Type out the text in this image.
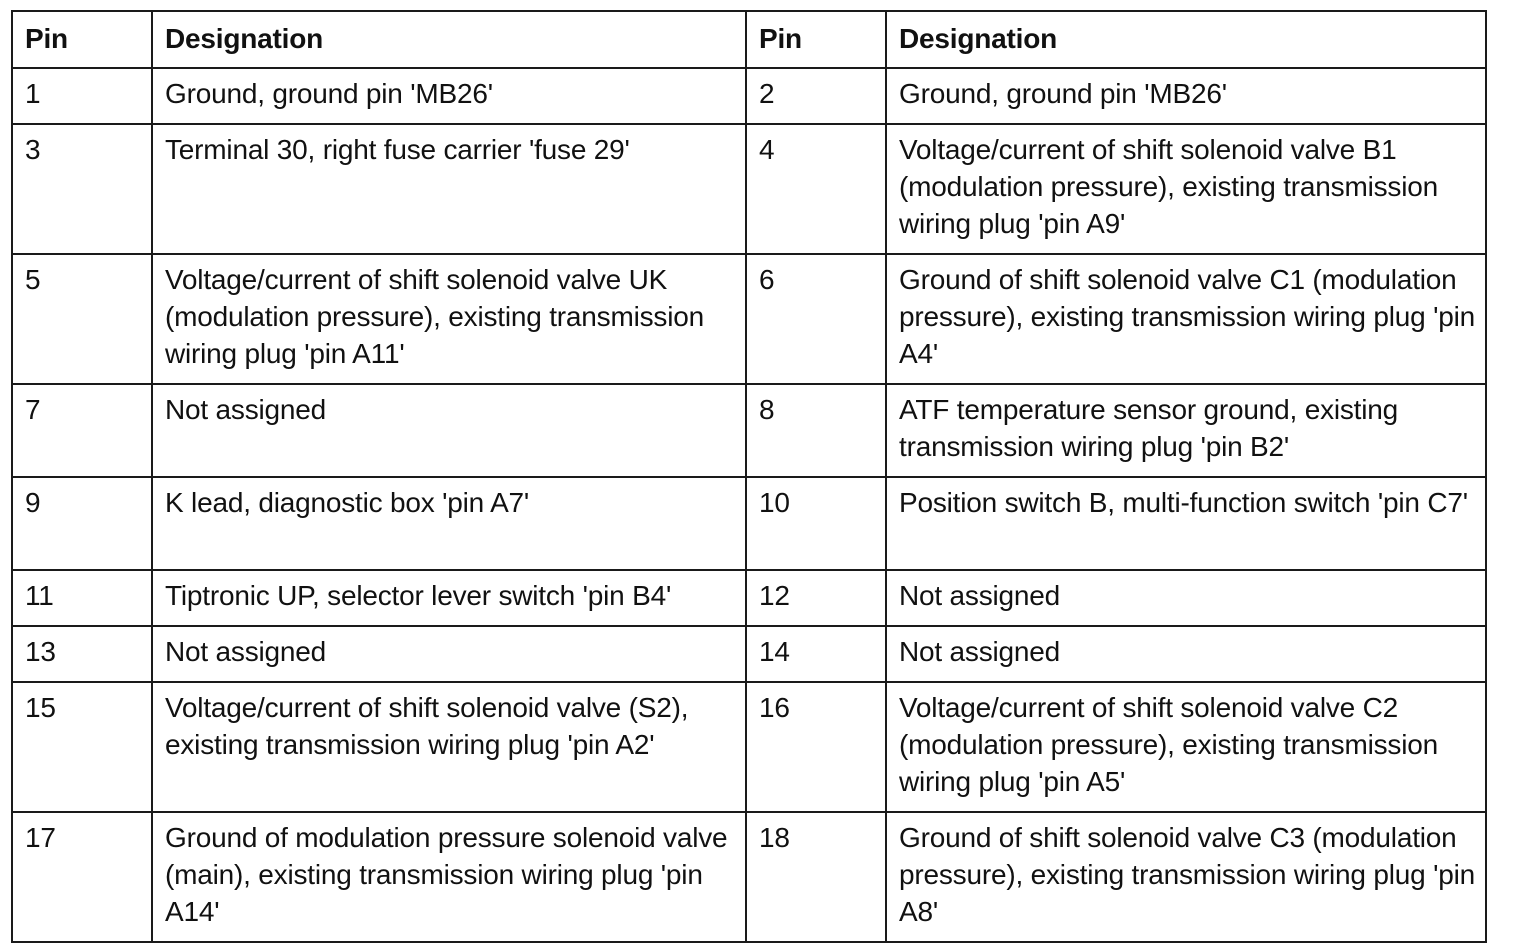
Pin	Designation	Pin	Designation
1	Ground, ground pin 'MB26'	2	Ground, ground pin 'MB26'
3	Terminal 30, right fuse carrier 'fuse 29'	4	Voltage/current of shift solenoid valve B1 (modulation pressure), existing transmission wiring plug 'pin A9'
5	Voltage/current of shift solenoid valve UK (modulation pressure), existing transmission wiring plug 'pin A11'	6	Ground of shift solenoid valve C1 (modulation pressure), existing transmission wiring plug 'pin A4'
7	Not assigned	8	ATF temperature sensor ground, existing transmission wiring plug 'pin B2'
9	K lead, diagnostic box 'pin A7'	10	Position switch B, multi-function switch 'pin C7'
11	Tiptronic UP, selector lever switch 'pin B4'	12	Not assigned
13	Not assigned	14	Not assigned
15	Voltage/current of shift solenoid valve (S2), existing transmission wiring plug 'pin A2'	16	Voltage/current of shift solenoid valve C2 (modulation pressure), existing transmission wiring plug 'pin A5'
17	Ground of modulation pressure solenoid valve (main), existing transmission wiring plug 'pin A14'	18	Ground of shift solenoid valve C3 (modulation pressure), existing transmission wiring plug 'pin A8'
